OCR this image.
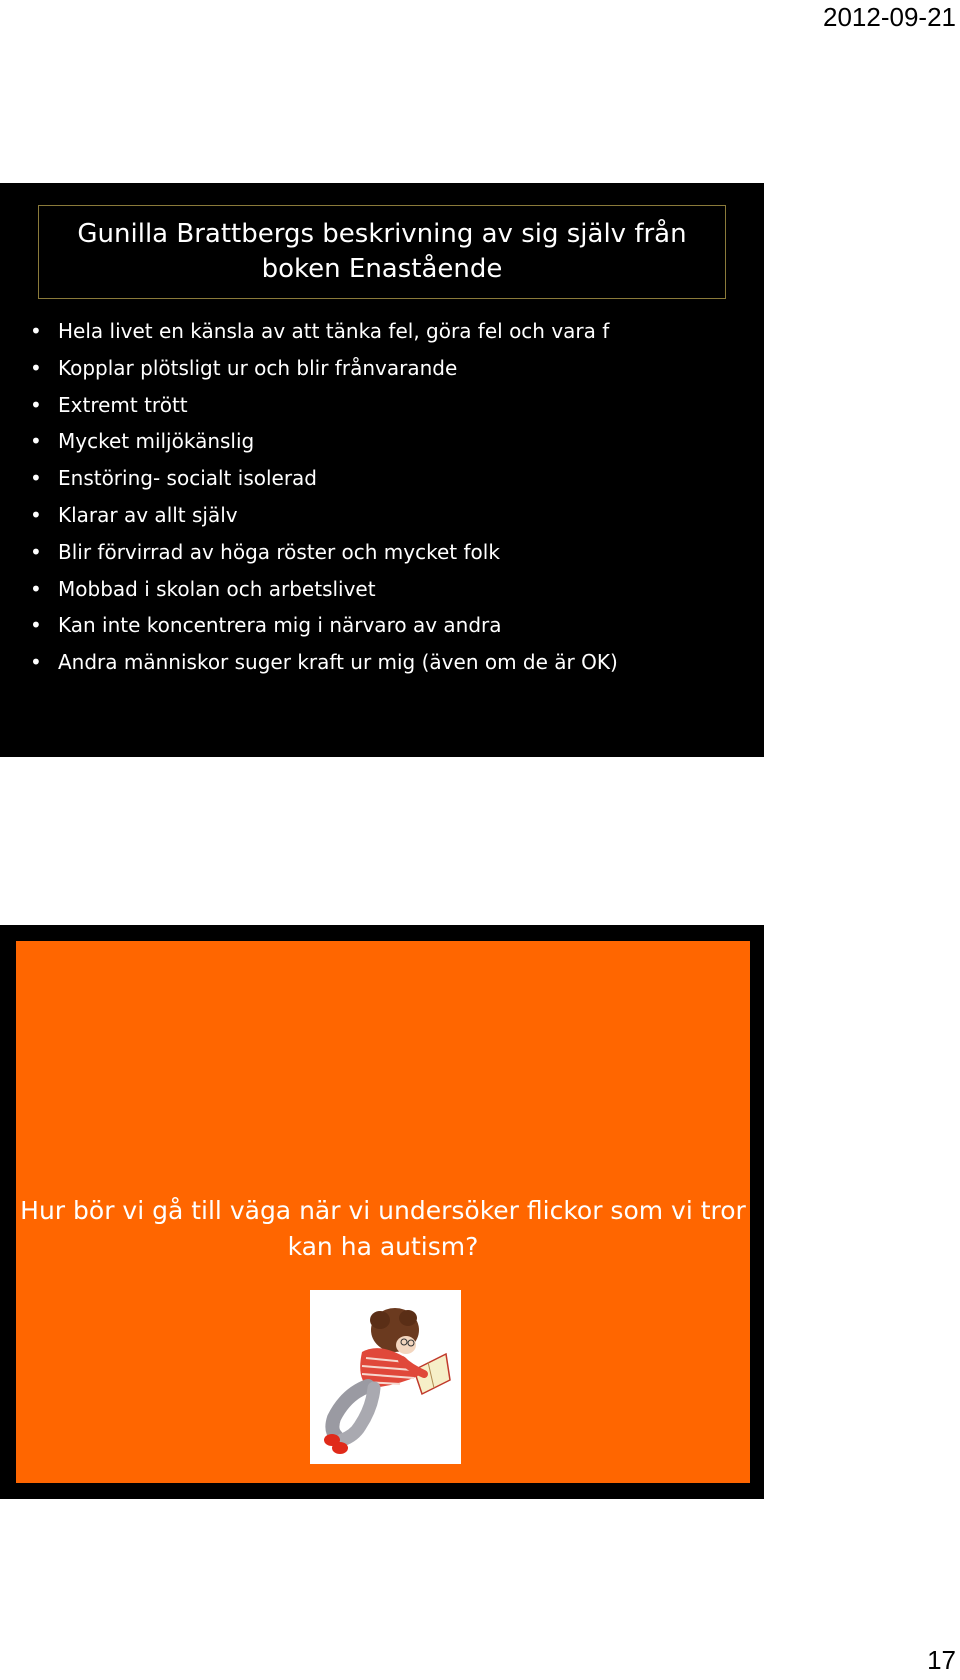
2012-09-21
Gunilla Brattbergs beskrivning av sig själv från boken Enastående
• Hela livet en känsla av att tänka fel, göra fel och vara f
• Kopplar plötsligt ur och blir frånvarande
• Extremt trött
• Mycket miljökänslig
• Enstöring- socialt isolerad
• Klarar av allt själv
• Blir förvirrad av höga röster och mycket folk
• Mobbad i skolan och arbetslivet
• Kan inte koncentrera mig i närvaro av andra
• Andra människor suger kraft ur mig (även om de är OK)
Hur bör vi gå till väga när vi undersöker flickor som vi tror kan ha autism?
17
